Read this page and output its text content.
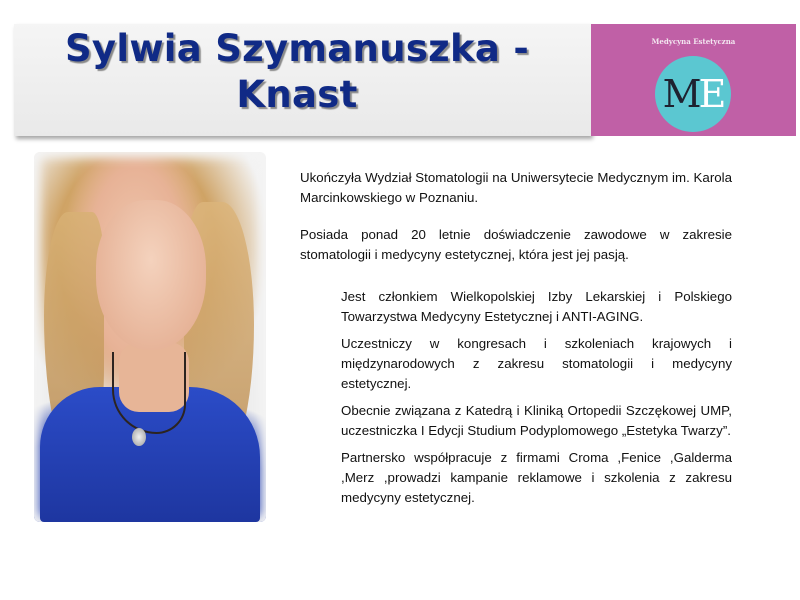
Sylwia Szymanuszka - Knast
Medycyna Estetyczna
ME

Ukończyła Wydział Stomatologii na Uniwersytecie Medycznym im. Karola Marcinkowskiego w Poznaniu.

Posiada ponad 20 letnie doświadczenie zawodowe w zakresie stomatologii i medycyny estetycznej, która jest jej pasją.

Jest członkiem Wielkopolskiej Izby Lekarskiej i Polskiego Towarzystwa Medycyny Estetycznej i ANTI-AGING.

Uczestniczy w kongresach i szkoleniach krajowych i międzynarodowych z zakresu stomatologii i medycyny estetycznej.

Obecnie związana z Katedrą i Kliniką Ortopedii Szczękowej UMP, uczestniczka I Edycji Studium Podyplomowego „Estetyka Twarzy”.

Partnersko współpracuje z firmami Croma ,Fenice ,Galderma ,Merz ,prowadzi kampanie reklamowe i szkolenia z zakresu medycyny estetycznej.
